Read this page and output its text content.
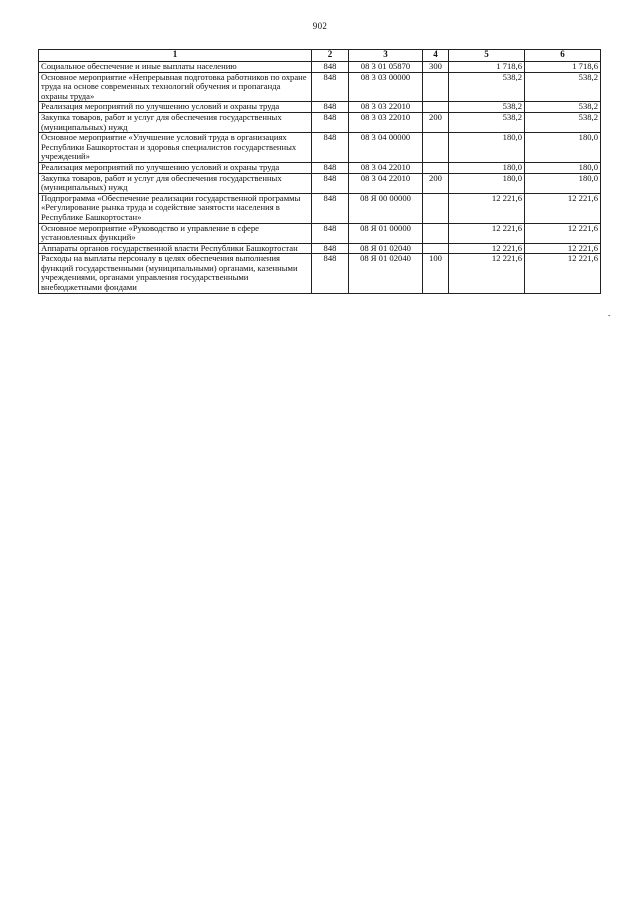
902
1	2	3	4	5	6
Социальное обеспечение и иные выплаты населению	848	08 3 01 05870	300	1 718,6	1 718,6
Основное мероприятие «Непрерывная подготовка работников по охране труда на основе современных технологий обучения и пропаганда охраны труда»	848	08 3 03 00000		538,2	538,2
Реализация мероприятий по улучшению условий и охраны труда	848	08 3 03 22010		538,2	538,2
Закупка товаров, работ и услуг для обеспечения государственных (муниципальных) нужд	848	08 3 03 22010	200	538,2	538,2
Основное мероприятие «Улучшение условий труда в организациях Республики Башкортостан и здоровья специалистов государственных учреждений»	848	08 3 04 00000		180,0	180,0
Реализация мероприятий по улучшению условий и охраны труда	848	08 3 04 22010		180,0	180,0
Закупка товаров, работ и услуг для обеспечения государственных (муниципальных) нужд	848	08 3 04 22010	200	180,0	180,0
Подпрограмма «Обеспечение реализации государственной программы «Регулирование рынка труда и содействие занятости населения в Республике Башкортостан»	848	08 Я 00 00000		12 221,6	12 221,6
Основное мероприятие «Руководство и управление в сфере установленных функций»	848	08 Я 01 00000		12 221,6	12 221,6
Аппараты органов государственной власти Республики Башкортостан	848	08 Я 01 02040		12 221,6	12 221,6
Расходы на выплаты персоналу в целях обеспечения выполнения функций государственными (муниципальными) органами, казенными учреждениями, органами управления государственными внебюджетными фондами	848	08 Я 01 02040	100	12 221,6	12 221,6
-
